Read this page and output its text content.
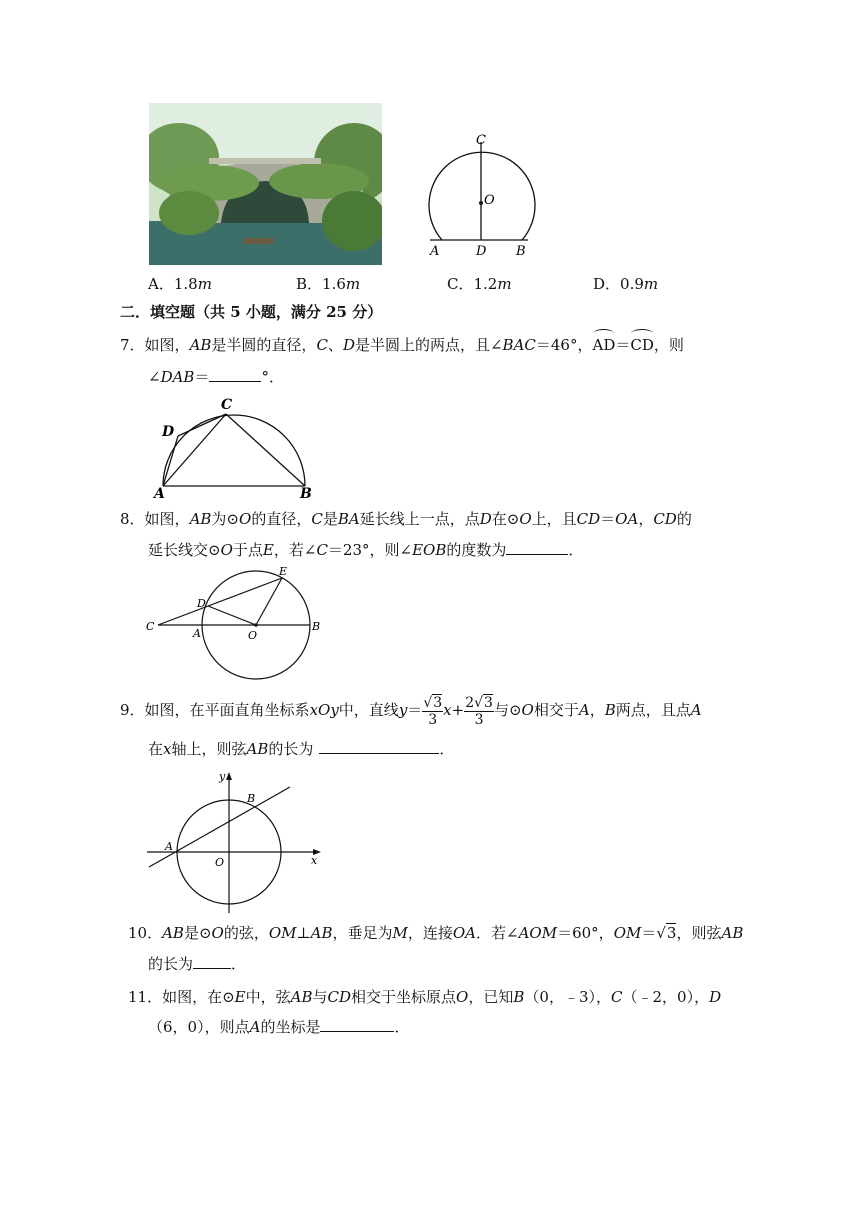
C
O
A	D B
A．1.8m	B．1.6m	C．1.2m	D．0.9m
二．填空题（共 5 小题，满分 25 分）
7．如图，AB是半圆的直径，C、D是半圆上的两点，且∠BAC＝46°，AD＝CD，则
∠DAB＝	°．
C
D
A	B
8．如图，AB为⊙O的直径，C是BA延长线上一点，点D在⊙O上，且CD＝OA，CD的
延长线交⊙O于点E，若∠C＝23°，则∠EOB的度数为	．
E
D
C
A	O
B
9．如图，在平面直角坐标系xOy中，直线$y= \frac{√3}{3} x+ \frac{2√3}{3}$ 与⊙O相交于A，B两点，且点A
在x轴上，则弦AB的长为	．
y
B
A
O	x
10．AB是⊙O的弦，OM⊥AB，垂足为M，连接OA．若∠AOM＝60°，OM＝√3，则弦AB
的长为	．
11．如图，在⊙E中，弦AB与CD相交于坐标原点O，已知B（0，﹣3），C（﹣2，0），D
（6，0），则点A的坐标是	．
